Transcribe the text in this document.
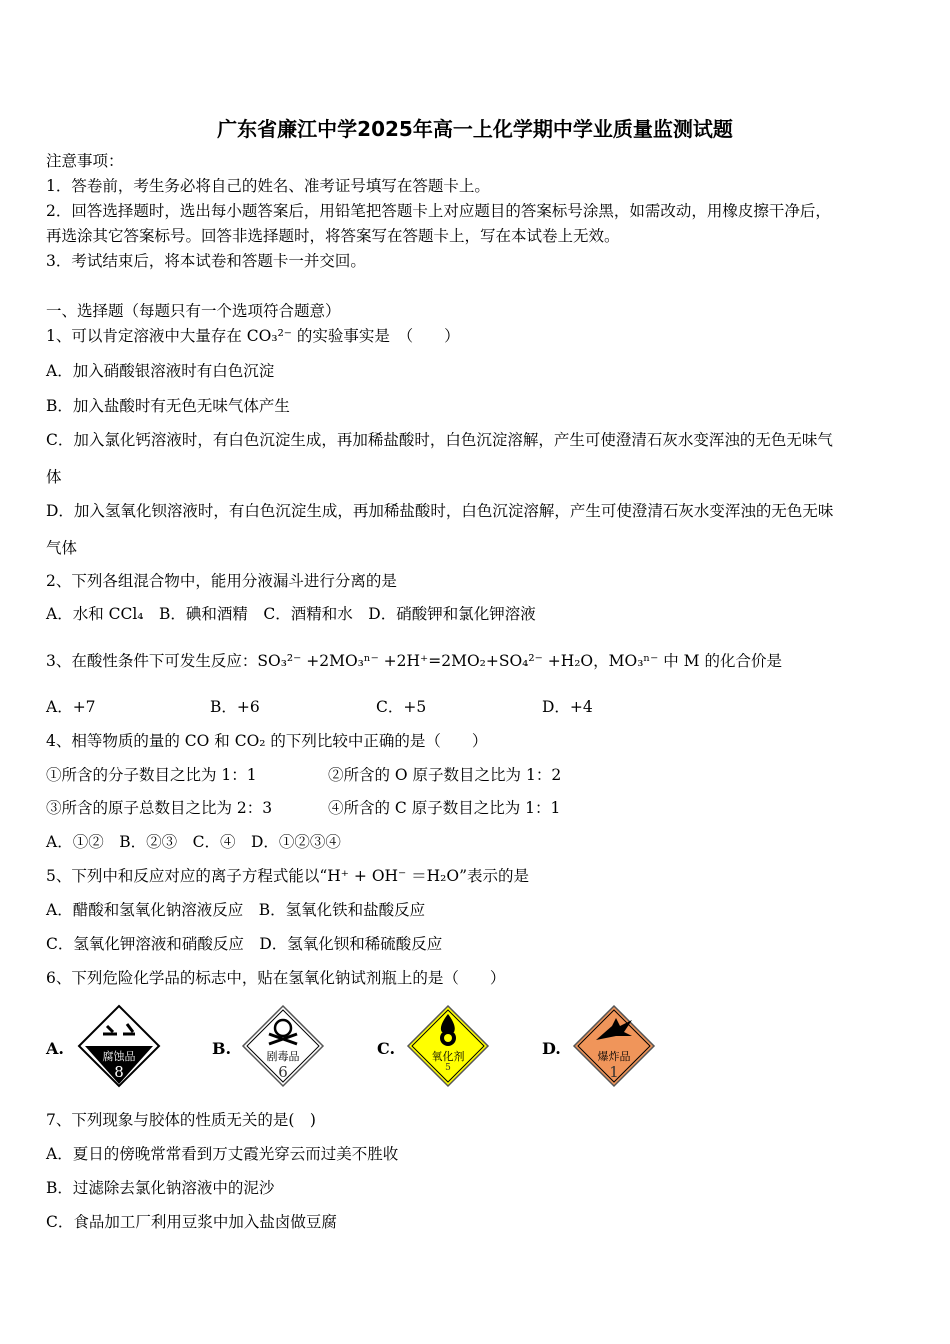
广东省廉江中学2025年高一上化学期中学业质量监测试题
注意事项：
1．答卷前，考生务必将自己的姓名、准考证号填写在答题卡上。
2．回答选择题时，选出每小题答案后，用铅笔把答题卡上对应题目的答案标号涂黑，如需改动，用橡皮擦干净后，
再选涂其它答案标号。回答非选择题时，将答案写在答题卡上，写在本试卷上无效。
3．考试结束后，将本试卷和答题卡一并交回。
一、选择题（每题只有一个选项符合题意）
1、可以肯定溶液中大量存在 CO₃²⁻ 的实验事实是　（　　）
A．加入硝酸银溶液时有白色沉淀
B．加入盐酸时有无色无味气体产生
C．加入氯化钙溶液时，有白色沉淀生成，再加稀盐酸时，白色沉淀溶解，产生可使澄清石灰水变浑浊的无色无味气
体
D．加入氢氧化钡溶液时，有白色沉淀生成，再加稀盐酸时，白色沉淀溶解，产生可使澄清石灰水变浑浊的无色无味
气体
2、下列各组混合物中，能用分液漏斗进行分离的是
A．水和 CCl₄　B．碘和酒精　C．酒精和水　D．硝酸钾和氯化钾溶液
3、在酸性条件下可发生反应：SO₃²⁻ +2MO₃ⁿ⁻ +2H⁺=2MO₂+SO₄²⁻ +H₂O，MO₃ⁿ⁻ 中 M 的化合价是
A．+7	B．+6	C．+5	D．+4
4、相等物质的量的 CO 和 CO₂ 的下列比较中正确的是（　　）
①所含的分子数目之比为 1：1	②所含的 O 原子数目之比为 1：2
③所含的原子总数目之比为 2：3	④所含的 C 原子数目之比为 1：1
A．①②　B．②③　C．④　D．①②③④
5、下列中和反应对应的离子方程式能以“H⁺ + OH⁻ ＝H₂O”表示的是
A．醋酸和氢氧化钠溶液反应　B．氢氧化铁和盐酸反应
C．氢氧化钾溶液和硝酸反应　D．氢氧化钡和稀硫酸反应
6、下列危险化学品的标志中，贴在氢氧化钠试剂瓶上的是（　　）
A.	腐蚀品
8
B.	剧毒品
6
C.	氧化剂
5
D.	爆炸品
1
7、下列现象与胶体的性质无关的是(　)
A．夏日的傍晚常常看到万丈霞光穿云而过美不胜收
B．过滤除去氯化钠溶液中的泥沙
C．食品加工厂利用豆浆中加入盐卤做豆腐
